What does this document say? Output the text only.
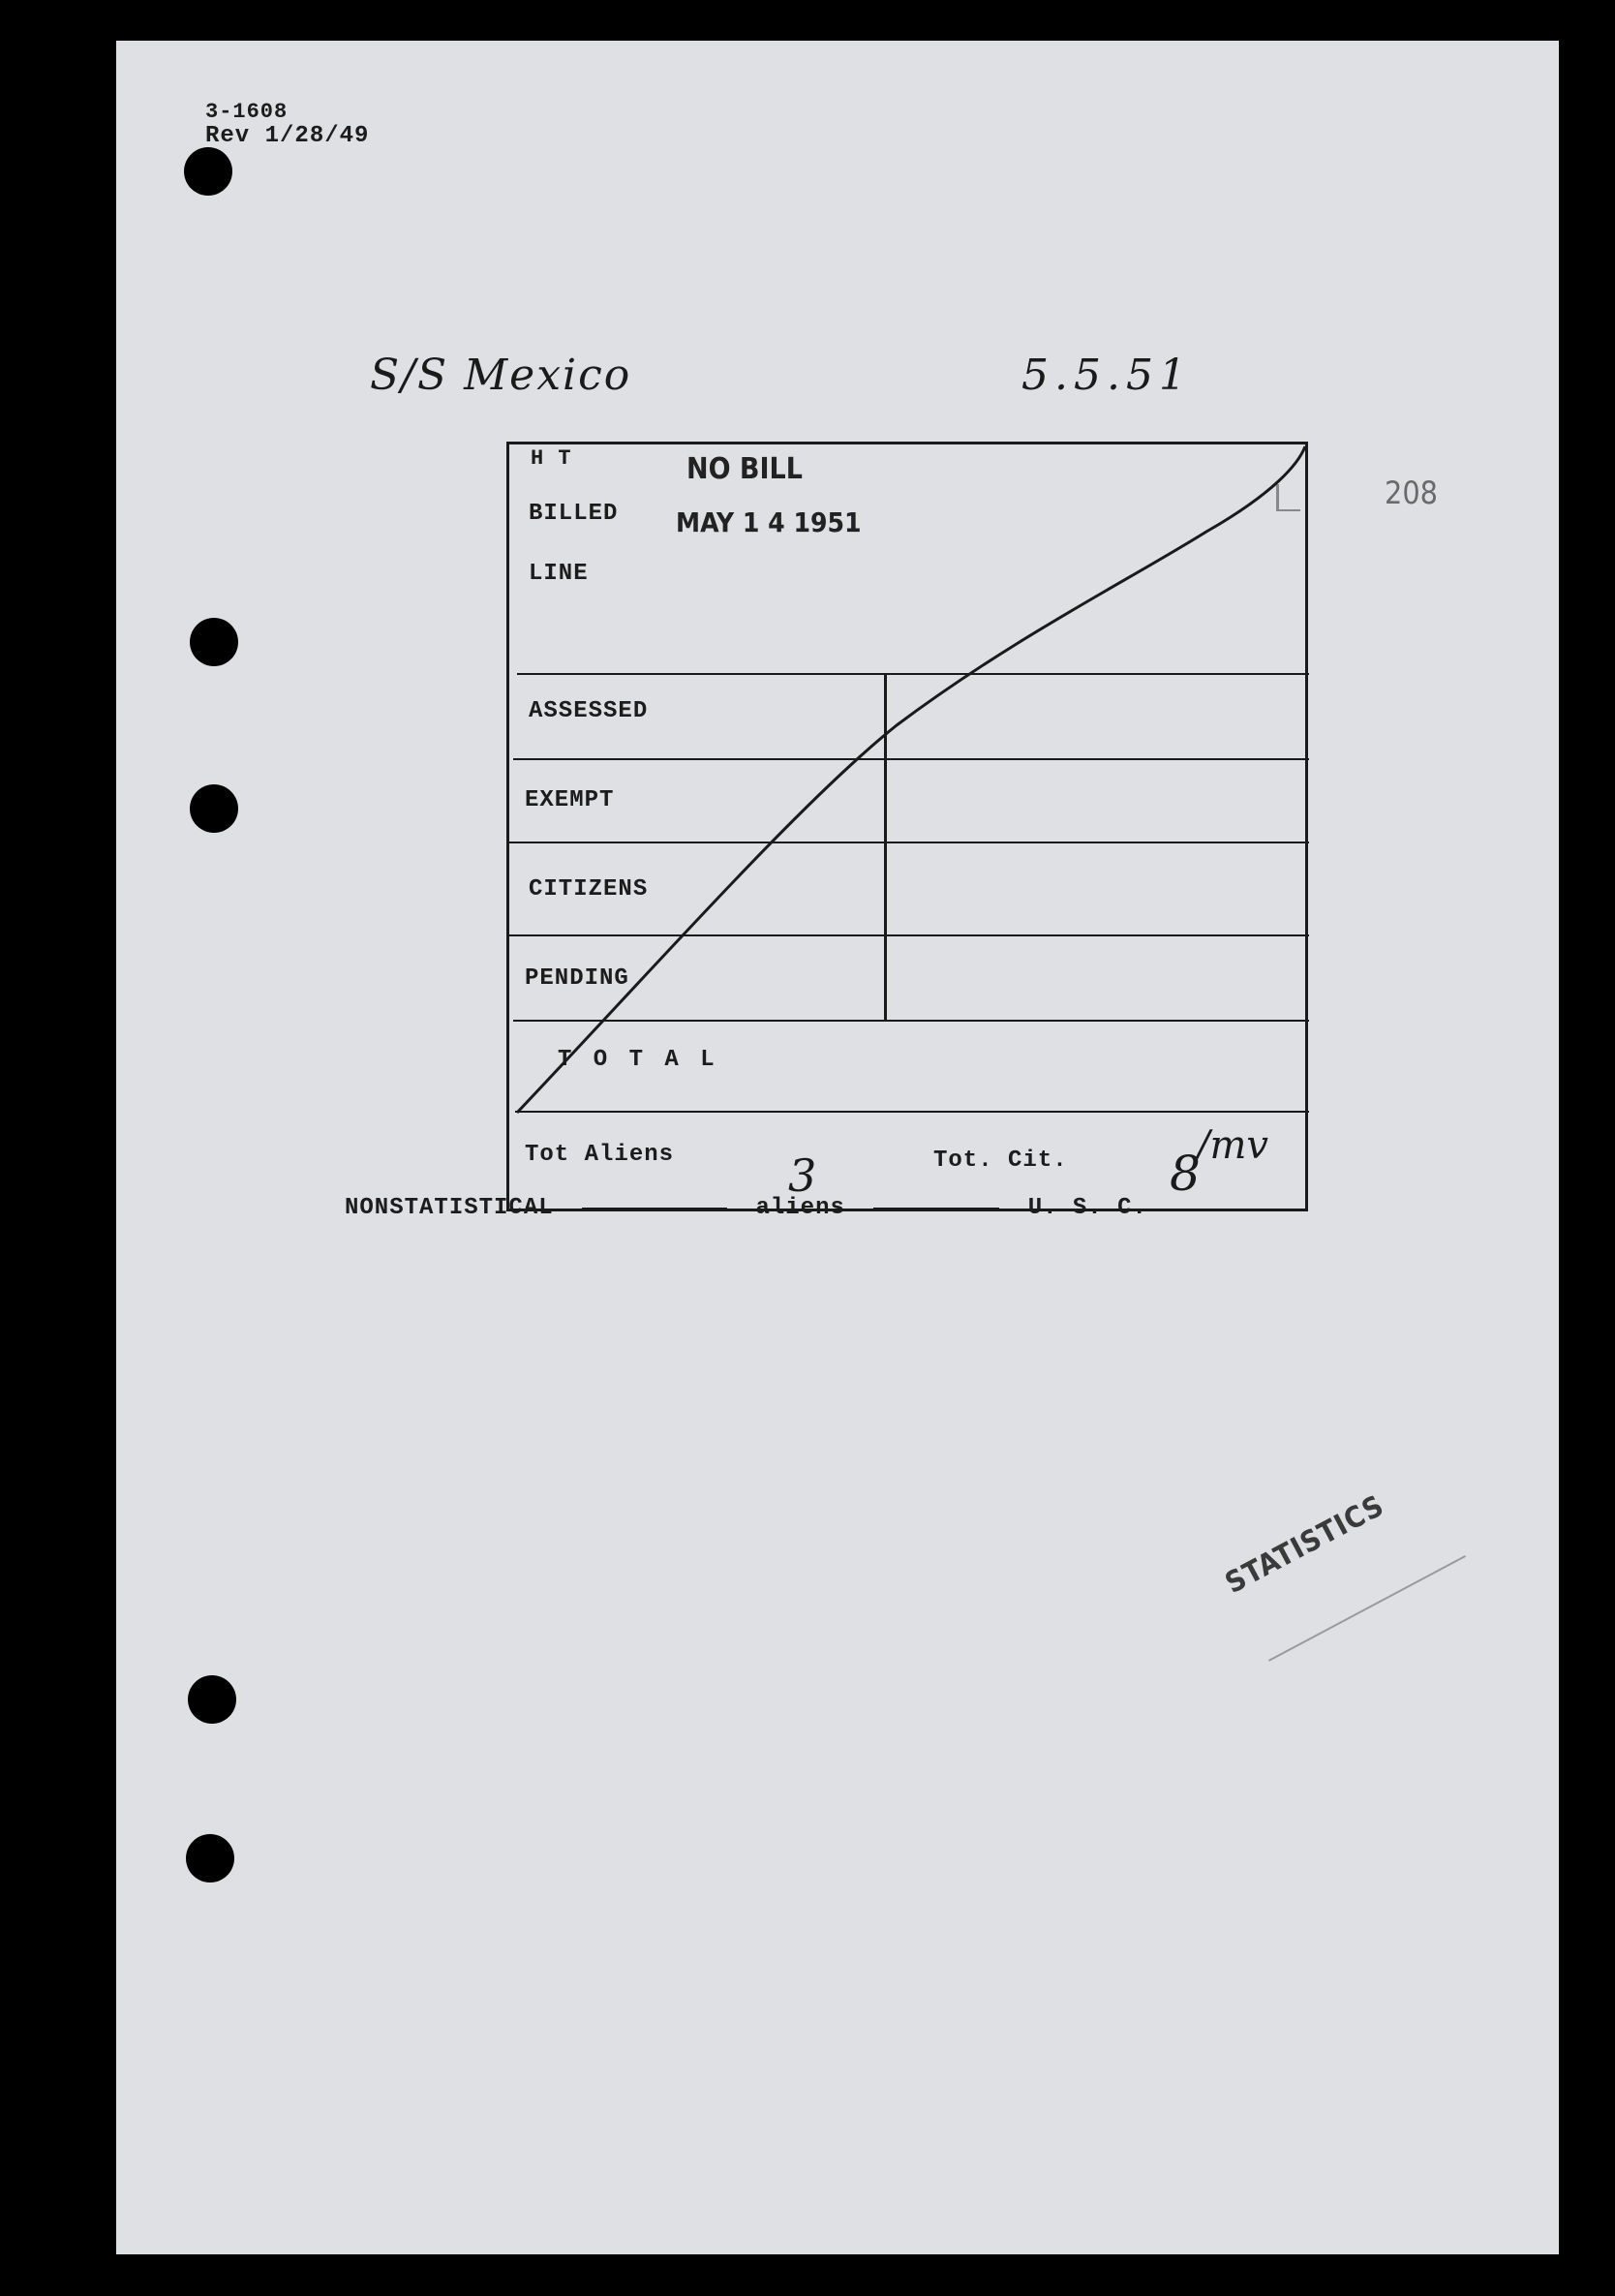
3-1608
Rev 1/28/49
S/S Mexico	5.5.51
208
H T	NO BILL
BILLED MAY 1 4 1951
LINE
ASSESSED
EXEMPT
CITIZENS
PENDING
T O T A L
Tot Aliens	3	Tot. Cit. 8
/mv
NONSTATISTICAL	aliens	U. S. C.
STATISTICS
